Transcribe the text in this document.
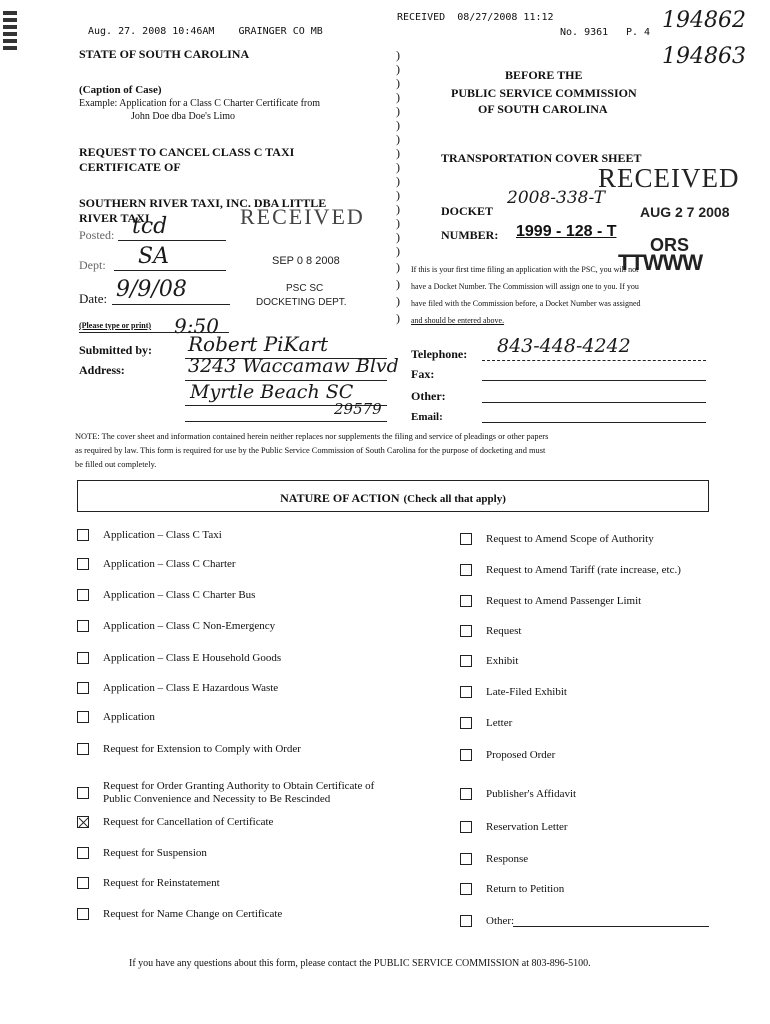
Aug. 27. 2008 10:46AM    GRAINGER CO MB
RECEIVED  08/27/2008 11:12
No. 9361 P. 4 194862
194863
STATE OF SOUTH CAROLINA
(Caption of Case)
Example: Application for a Class C Charter Certificate from
John Doe dba Doe's Limo
REQUEST TO CANCEL CLASS C TAXI
CERTIFICATE OF
SOUTHERN RIVER TAXI, INC. DBA LITTLE
RIVER TAXI
)
)
)
)
)
)
)
)
)
)
)
)
)
)
)
)
)
)
)
BEFORE THE
PUBLIC SERVICE COMMISSION
OF SOUTH CAROLINA
TRANSPORTATION COVER SHEET
RECEIVED
AUG 2 7 2008
ORS
TTWWW
DOCKET
2008-338-T
NUMBER: 1999 - 128 - T
If this is your first time filing an application with the PSC, you will not
have a Docket Number. The Commission will assign one to you. If you
have filed with the Commission before, a Docket Number was assigned
and should be entered above.
Posted: tcd	RECEIVED
SEP 0 8 2008
PSC SC
DOCKETING DEPT.
Dept: SA
Date: 9/9/08
(Please type or print) 9:50
Submitted by: Robert PiKart
Address:	3243 Waccamaw Blvd
Myrtle Beach SC
29579
Telephone: 843-448-4242
Fax:
Other:
Email:
NOTE: The cover sheet and information contained herein neither replaces nor supplements the filing and service of pleadings or other papers
as required by law. This form is required for use by the Public Service Commission of South Carolina for the purpose of docketing and must
be filled out completely.
NATURE OF ACTION (Check all that apply)
Application – Class C Taxi
Application – Class C Charter
Application – Class C Charter Bus
Application – Class C Non-Emergency
Application – Class E Household Goods
Application – Class E Hazardous Waste
Application
Request for Extension to Comply with Order
Request for Order Granting Authority to Obtain Certificate of
Public Convenience and Necessity to Be Rescinded
Request for Cancellation of Certificate
Request for Suspension
Request for Reinstatement
Request for Name Change on Certificate
Request to Amend Scope of Authority
Request to Amend Tariff (rate increase, etc.)
Request to Amend Passenger Limit
Request
Exhibit
Late-Filed Exhibit
Letter
Proposed Order
Publisher's Affidavit
Reservation Letter
Response
Return to Petition
Other:
If you have any questions about this form, please contact the PUBLIC SERVICE COMMISSION at 803-896-5100.
